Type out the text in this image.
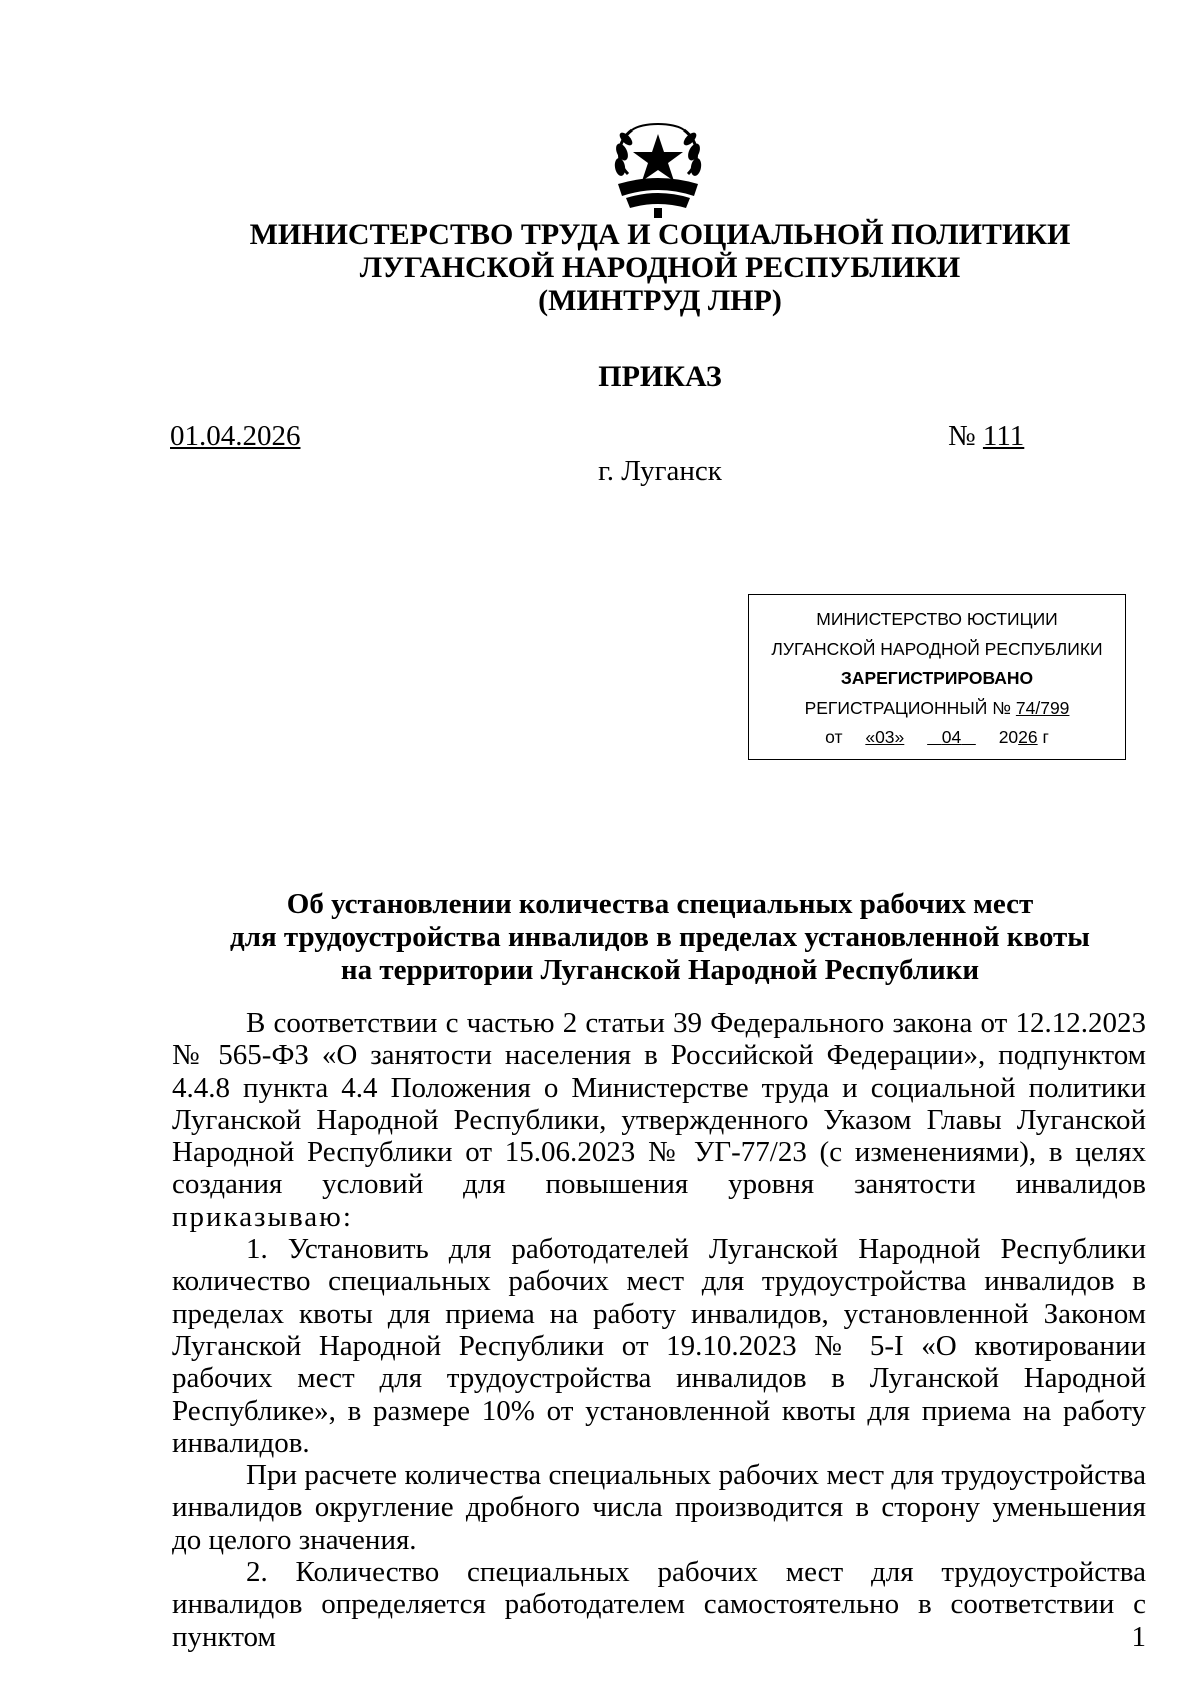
МИНИСТЕРСТВО ТРУДА И СОЦИАЛЬНОЙ ПОЛИТИКИ
ЛУГАНСКОЙ НАРОДНОЙ РЕСПУБЛИКИ
(МИНТРУД ЛНР)
ПРИКАЗ
01.04.2026	№ 111
г. Луганск
МИНИСТЕРСТВО ЮСТИЦИИ
ЛУГАНСКОЙ НАРОДНОЙ РЕСПУБЛИКИ
ЗАРЕГИСТРИРОВАНО
РЕГИСТРАЦИОННЫЙ № 74/799
от «03» 04 2026 г
Об установлении количества специальных рабочих мест
для трудоустройства инвалидов в пределах установленной квоты
на территории Луганской Народной Республики

В соответствии с частью 2 статьи 39 Федерального закона от 12.12.2023 № 565-ФЗ «О занятости населения в Российской Федерации», подпунктом 4.4.8 пункта 4.4 Положения о Министерстве труда и социальной политики Луганской Народной Республики, утвержденного Указом Главы Луганской Народной Республики от 15.06.2023 № УГ-77/23 (с изменениями), в целях создания условий для повышения уровня занятости инвалидов

приказываю:

1. Установить для работодателей Луганской Народной Республики количество специальных рабочих мест для трудоустройства инвалидов в пределах квоты для приема на работу инвалидов, установленной Законом Луганской Народной Республики от 19.10.2023 № 5-I «О квотировании рабочих мест для трудоустройства инвалидов в Луганской Народной Республике», в размере 10% от установленной квоты для приема на работу инвалидов.

При расчете количества специальных рабочих мест для трудоустройства инвалидов округление дробного числа производится в сторону уменьшения до целого значения.

2. Количество специальных рабочих мест для трудоустройства инвалидов определяется работодателем самостоятельно в соответствии с пунктом 1
